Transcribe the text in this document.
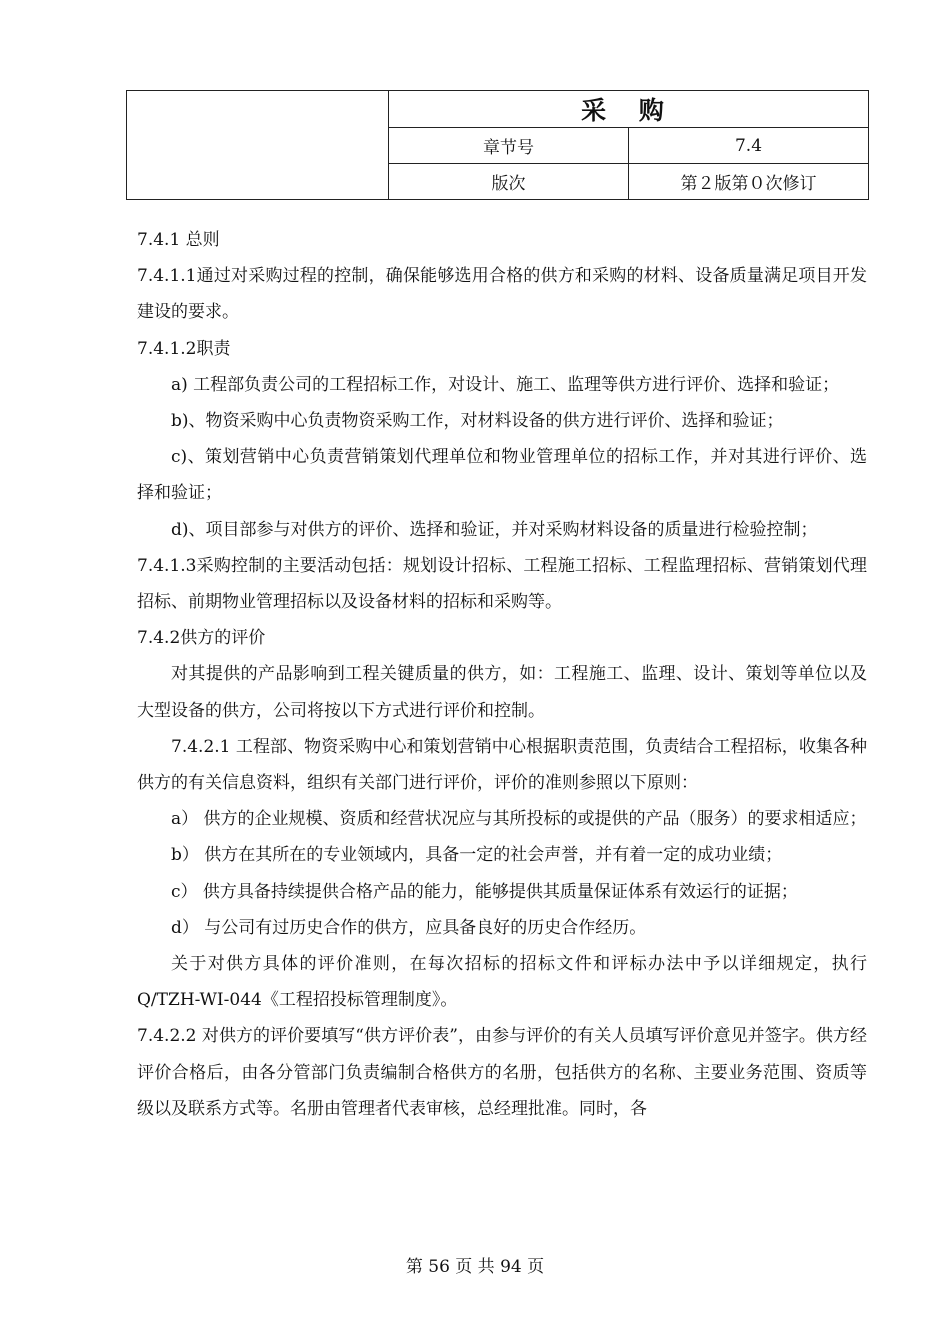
	采 购	
	章节号	7.4
	版次	第２版第０次修订

7.4.1 总则

7.4.1.1通过对采购过程的控制，确保能够选用合格的供方和采购的材料、设备质量满足项目开发建设的要求。

7.4.1.2职责

a) 工程部负责公司的工程招标工作，对设计、施工、监理等供方进行评价、选择和验证；

b)、物资采购中心负责物资采购工作，对材料设备的供方进行评价、选择和验证；

c)、策划营销中心负责营销策划代理单位和物业管理单位的招标工作，并对其进行评价、选择和验证；

d)、项目部参与对供方的评价、选择和验证，并对采购材料设备的质量进行检验控制；

7.4.1.3采购控制的主要活动包括：规划设计招标、工程施工招标、工程监理招标、营销策划代理招标、前期物业管理招标以及设备材料的招标和采购等。

7.4.2供方的评价

对其提供的产品影响到工程关键质量的供方，如：工程施工、监理、设计、策划等单位以及大型设备的供方，公司将按以下方式进行评价和控制。

7.4.2.1 工程部、物资采购中心和策划营销中心根据职责范围，负责结合工程招标，收集各种供方的有关信息资料，组织有关部门进行评价，评价的准则参照以下原则：

a） 供方的企业规模、资质和经营状况应与其所投标的或提供的产品（服务）的要求相适应；

b） 供方在其所在的专业领域内，具备一定的社会声誉，并有着一定的成功业绩；

c） 供方具备持续提供合格产品的能力，能够提供其质量保证体系有效运行的证据；

d） 与公司有过历史合作的供方，应具备良好的历史合作经历。

关于对供方具体的评价准则，在每次招标的招标文件和评标办法中予以详细规定，执行Q/TZH-WI-044《工程招投标管理制度》。

7.4.2.2 对供方的评价要填写“供方评价表”，由参与评价的有关人员填写评价意见并签字。供方经评价合格后，由各分管部门负责编制合格供方的名册，包括供方的名称、主要业务范围、资质等级以及联系方式等。名册由管理者代表审核，总经理批准。同时，各

第 56 页 共 94 页
